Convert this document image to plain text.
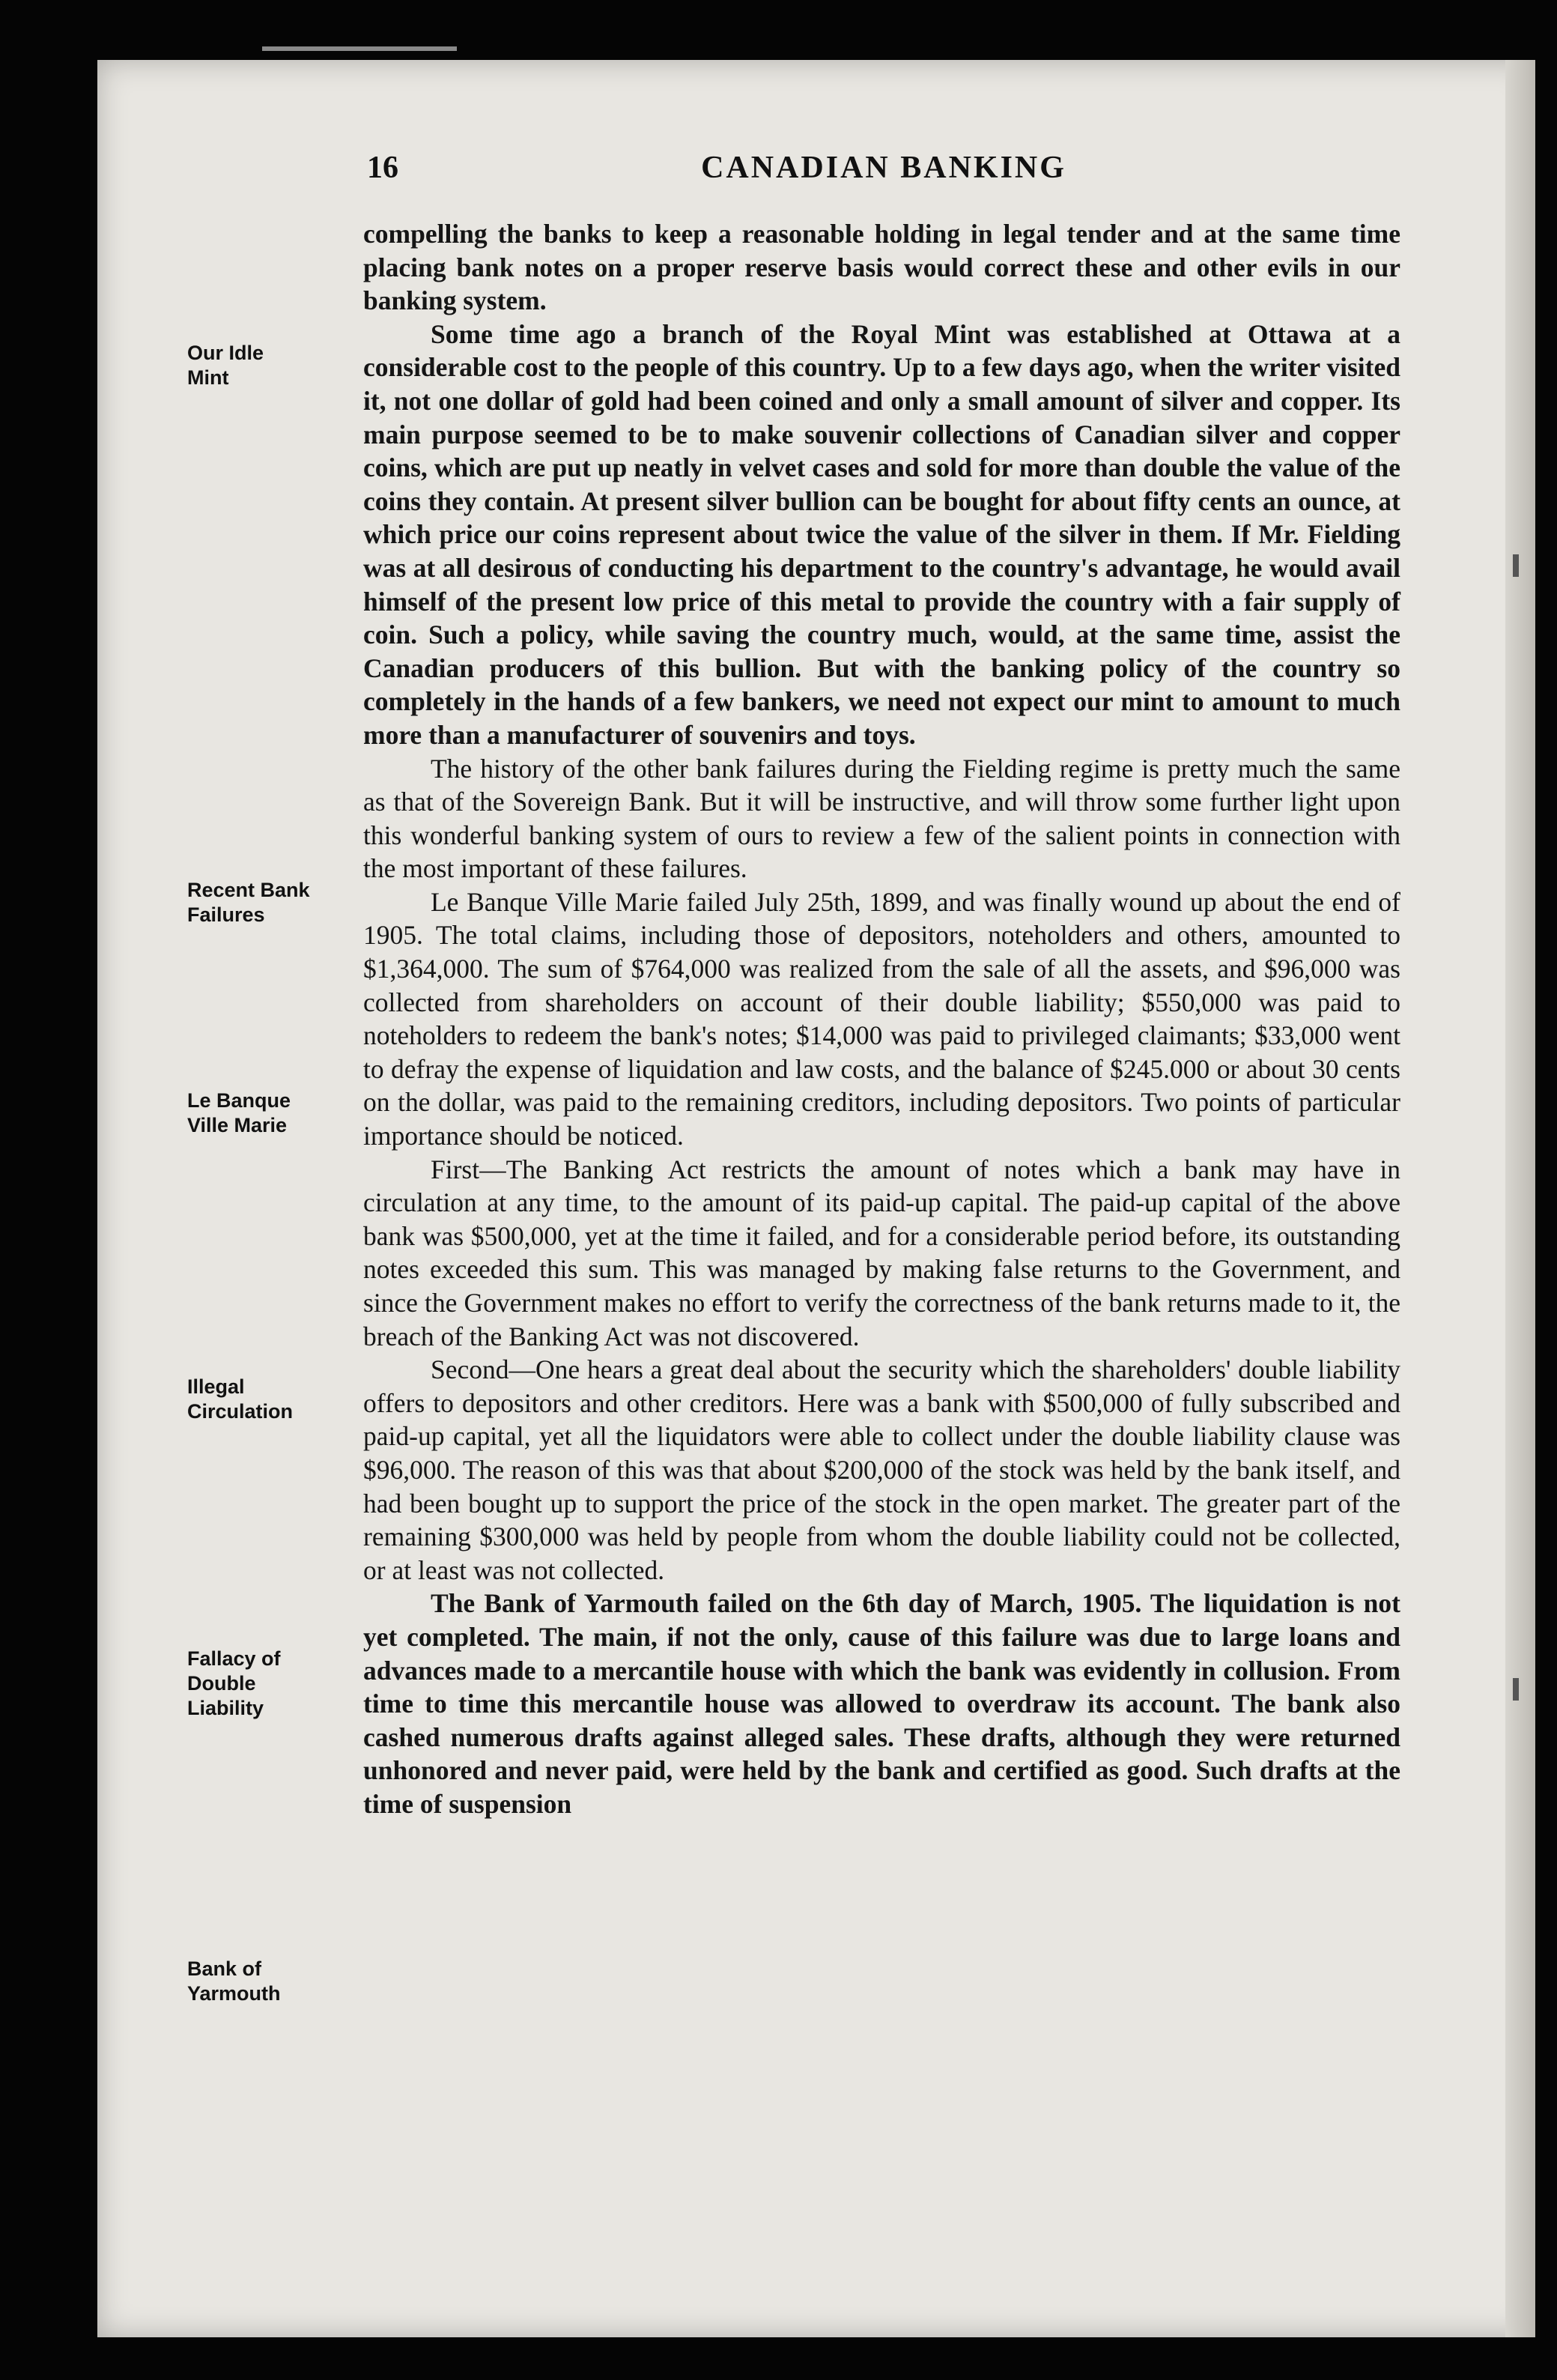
16	CANADIAN BANKING
Our Idle
Mint
Recent Bank
Failures
Le Banque
Ville Marie
Illegal
Circulation
Fallacy of
Double
Liability
Bank of
Yarmouth

compelling the banks to keep a reasonable holding in legal tender and at the same time placing bank notes on a proper reserve basis would correct these and other evils in our banking system.

Some time ago a branch of the Royal Mint was established at Ottawa at a considerable cost to the people of this country. Up to a few days ago, when the writer visited it, not one dollar of gold had been coined and only a small amount of silver and copper. Its main purpose seemed to be to make souvenir collections of Canadian silver and copper coins, which are put up neatly in velvet cases and sold for more than double the value of the coins they contain. At present silver bullion can be bought for about fifty cents an ounce, at which price our coins represent about twice the value of the silver in them. If Mr. Fielding was at all desirous of conducting his department to the country's advantage, he would avail himself of the present low price of this metal to provide the country with a fair supply of coin. Such a policy, while saving the country much, would, at the same time, assist the Canadian producers of this bullion. But with the banking policy of the country so completely in the hands of a few bankers, we need not expect our mint to amount to much more than a manufacturer of souvenirs and toys.

The history of the other bank failures during the Fielding regime is pretty much the same as that of the Sovereign Bank. But it will be instructive, and will throw some further light upon this wonderful banking system of ours to review a few of the salient points in connection with the most important of these failures.

Le Banque Ville Marie failed July 25th, 1899, and was finally wound up about the end of 1905. The total claims, including those of depositors, noteholders and others, amounted to $1,364,000. The sum of $764,000 was realized from the sale of all the assets, and $96,000 was collected from shareholders on account of their double liability; $550,000 was paid to noteholders to redeem the bank's notes; $14,000 was paid to privileged claimants; $33,000 went to defray the expense of liquidation and law costs, and the balance of $245.000 or about 30 cents on the dollar, was paid to the remaining creditors, including depositors. Two points of particular importance should be noticed.

First—The Banking Act restricts the amount of notes which a bank may have in circulation at any time, to the amount of its paid-up capital. The paid-up capital of the above bank was $500,000, yet at the time it failed, and for a considerable period before, its outstanding notes exceeded this sum. This was managed by making false returns to the Government, and since the Government makes no effort to verify the correctness of the bank returns made to it, the breach of the Banking Act was not discovered.

Second—One hears a great deal about the security which the shareholders' double liability offers to depositors and other creditors. Here was a bank with $500,000 of fully subscribed and paid-up capital, yet all the liquidators were able to collect under the double liability clause was $96,000. The reason of this was that about $200,000 of the stock was held by the bank itself, and had been bought up to support the price of the stock in the open market. The greater part of the remaining $300,000 was held by people from whom the double liability could not be collected, or at least was not collected.

The Bank of Yarmouth failed on the 6th day of March, 1905. The liquidation is not yet completed. The main, if not the only, cause of this failure was due to large loans and advances made to a mercantile house with which the bank was evidently in collusion. From time to time this mercantile house was allowed to overdraw its account. The bank also cashed numerous drafts against alleged sales. These drafts, although they were returned unhonored and never paid, were held by the bank and certified as good. Such drafts at the time of suspension
